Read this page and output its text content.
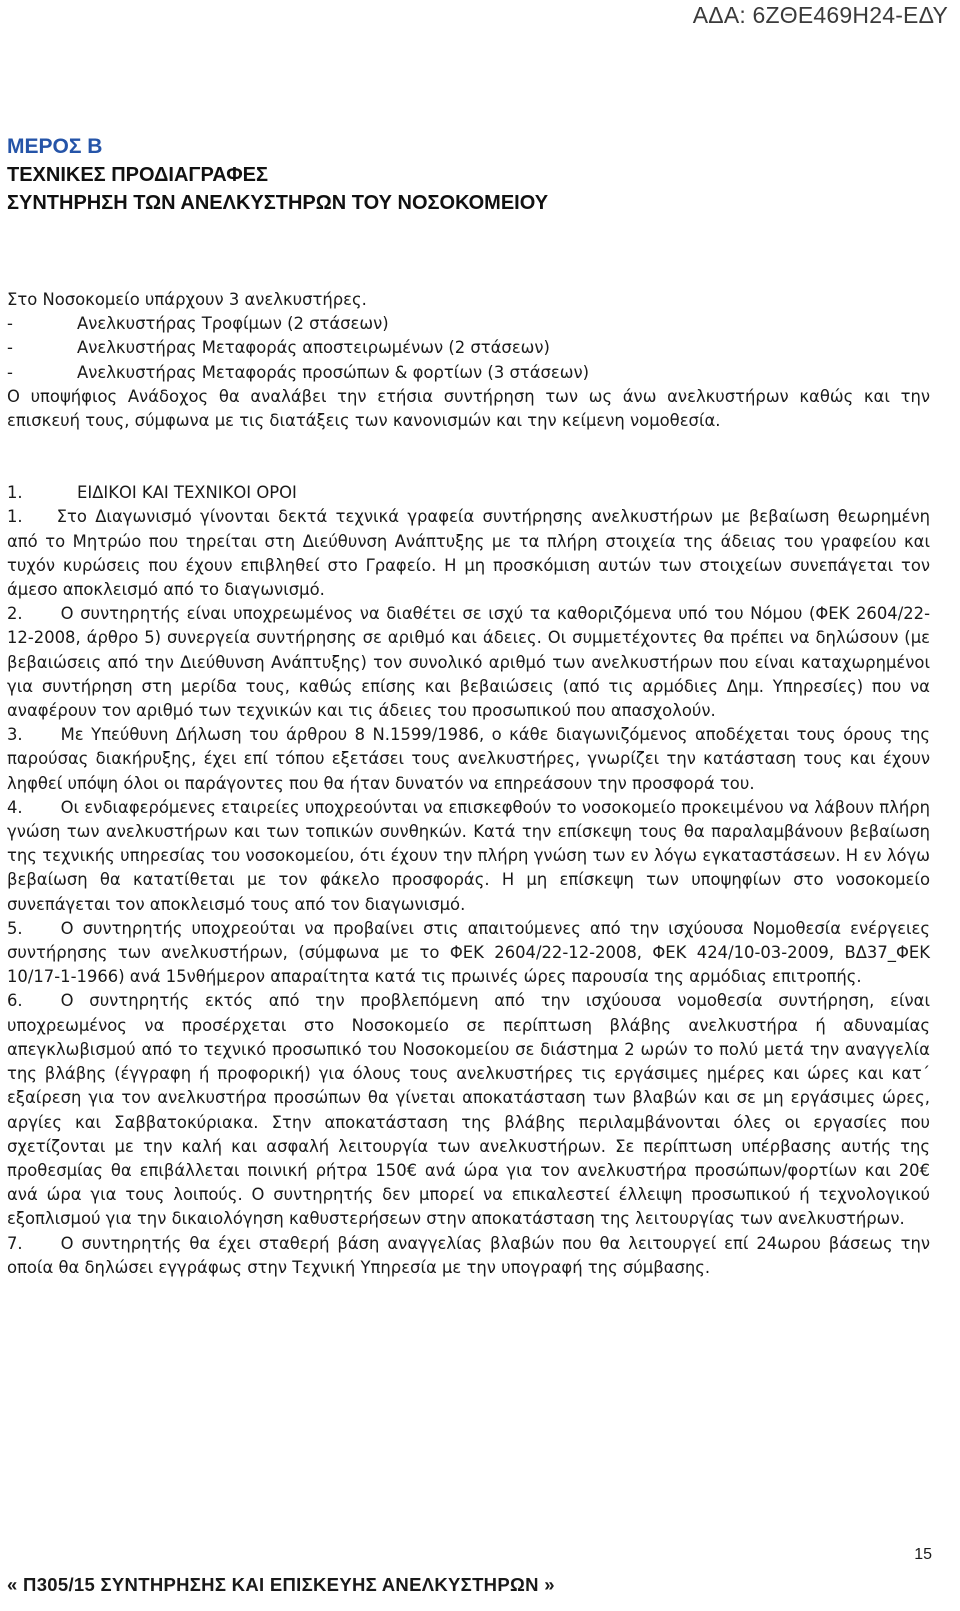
ΑΔΑ: 6ΖΘΕ469Η24-ΕΔΥ
ΜΕΡΟΣ Β
ΤΕΧΝΙΚΕΣ ΠΡΟΔΙΑΓΡΑΦΕΣ
ΣΥΝΤΗΡΗΣΗ ΤΩΝ ΑΝΕΛΚΥΣΤΗΡΩΝ ΤΟΥ ΝΟΣΟΚΟΜΕΙΟΥ

Στο Νοσοκομείο υπάρχουν 3 ανελκυστήρες.

-	Ανελκυστήρας Τροφίμων (2 στάσεων)
-	Ανελκυστήρας Μεταφοράς αποστειρωμένων (2 στάσεων)
-	Ανελκυστήρας Μεταφοράς προσώπων & φορτίων (3 στάσεων)

Ο υποψήφιος Ανάδοχος θα αναλάβει την ετήσια συντήρηση των ως άνω ανελκυστήρων καθώς και την επισκευή τους, σύμφωνα με τις διατάξεις των κανονισμών και την κείμενη νομοθεσία.

1.	ΕΙΔΙΚΟΙ ΚΑΙ ΤΕΧΝΙΚΟΙ ΟΡΟΙ

1. Στο Διαγωνισμό γίνονται δεκτά τεχνικά γραφεία συντήρησης ανελκυστήρων με βεβαίωση θεωρημένη από το Μητρώο που τηρείται στη Διεύθυνση Ανάπτυξης με τα πλήρη στοιχεία της άδειας του γραφείου και τυχόν κυρώσεις που έχουν επιβληθεί στο Γραφείο. Η μη προσκόμιση αυτών των στοιχείων συνεπάγεται τον άμεσο αποκλεισμό από το διαγωνισμό.

2. Ο συντηρητής είναι υποχρεωμένος να διαθέτει σε ισχύ τα καθοριζόμενα υπό του Νόμου (ΦΕΚ 2604/22-12-2008, άρθρο 5) συνεργεία συντήρησης σε αριθμό και άδειες. Οι συμμετέχοντες θα πρέπει να δηλώσουν (με βεβαιώσεις από την Διεύθυνση Ανάπτυξης) τον συνολικό αριθμό των ανελκυστήρων που είναι καταχωρημένοι για συντήρηση στη μερίδα τους, καθώς επίσης και βεβαιώσεις (από τις αρμόδιες Δημ. Υπηρεσίες) που να αναφέρουν τον αριθμό των τεχνικών και τις άδειες του προσωπικού που απασχολούν.

3. Με Υπεύθυνη Δήλωση του άρθρου 8 Ν.1599/1986, ο κάθε διαγωνιζόμενος αποδέχεται τους όρους της παρούσας διακήρυξης, έχει επί τόπου εξετάσει τους ανελκυστήρες, γνωρίζει την κατάσταση τους και έχουν ληφθεί υπόψη όλοι οι παράγοντες που θα ήταν δυνατόν να επηρεάσουν την προσφορά του.

4. Οι ενδιαφερόμενες εταιρείες υποχρεούνται να επισκεφθούν το νοσοκομείο προκειμένου να λάβουν πλήρη γνώση των ανελκυστήρων και των τοπικών συνθηκών. Κατά την επίσκεψη τους θα παραλαμβάνουν βεβαίωση της τεχνικής υπηρεσίας του νοσοκομείου, ότι έχουν την πλήρη γνώση των εν λόγω εγκαταστάσεων. Η εν λόγω βεβαίωση θα κατατίθεται με τον φάκελο προσφοράς. Η μη επίσκεψη των υποψηφίων στο νοσοκομείο συνεπάγεται τον αποκλεισμό τους από τον διαγωνισμό.

5. Ο συντηρητής υποχρεούται να προβαίνει στις απαιτούμενες από την ισχύουσα Νομοθεσία ενέργειες συντήρησης των ανελκυστήρων, (σύμφωνα με το ΦΕΚ 2604/22-12-2008, ΦΕΚ 424/10-03-2009, ΒΔ37_ΦΕΚ 10/17-1-1966) ανά 15νθήμερον απαραίτητα κατά τις πρωινές ώρες παρουσία της αρμόδιας επιτροπής.

6. Ο συντηρητής εκτός από την προβλεπόμενη από την ισχύουσα νομοθεσία συντήρηση, είναι υποχρεωμένος να προσέρχεται στο Νοσοκομείο σε περίπτωση βλάβης ανελκυστήρα ή αδυναμίας απεγκλωβισμού από το τεχνικό προσωπικό του Νοσοκομείου σε διάστημα 2 ωρών το πολύ μετά την αναγγελία της βλάβης (έγγραφη ή προφορική) για όλους τους ανελκυστήρες τις εργάσιμες ημέρες και ώρες και κατ΄ εξαίρεση για τον ανελκυστήρα προσώπων θα γίνεται αποκατάσταση των βλαβών και σε μη εργάσιμες ώρες, αργίες και Σαββατοκύριακα. Στην αποκατάσταση της βλάβης περιλαμβάνονται όλες οι εργασίες που σχετίζονται με την καλή και ασφαλή λειτουργία των ανελκυστήρων. Σε περίπτωση υπέρβασης αυτής της προθεσμίας θα επιβάλλεται ποινική ρήτρα 150€ ανά ώρα για τον ανελκυστήρα προσώπων/φορτίων και 20€ ανά ώρα για τους λοιπούς. Ο συντηρητής δεν μπορεί να επικαλεστεί έλλειψη προσωπικού ή τεχνολογικού εξοπλισμού για την δικαιολόγηση καθυστερήσεων στην αποκατάσταση της λειτουργίας των ανελκυστήρων.

7. Ο συντηρητής θα έχει σταθερή βάση αναγγελίας βλαβών που θα λειτουργεί επί 24ωρου βάσεως την οποία θα δηλώσει εγγράφως στην Τεχνική Υπηρεσία με την υπογραφή της σύμβασης.

15
« Π305/15 ΣΥΝΤΗΡΗΣΗΣ ΚΑΙ ΕΠΙΣΚΕΥΗΣ ΑΝΕΛΚΥΣΤΗΡΩΝ »
